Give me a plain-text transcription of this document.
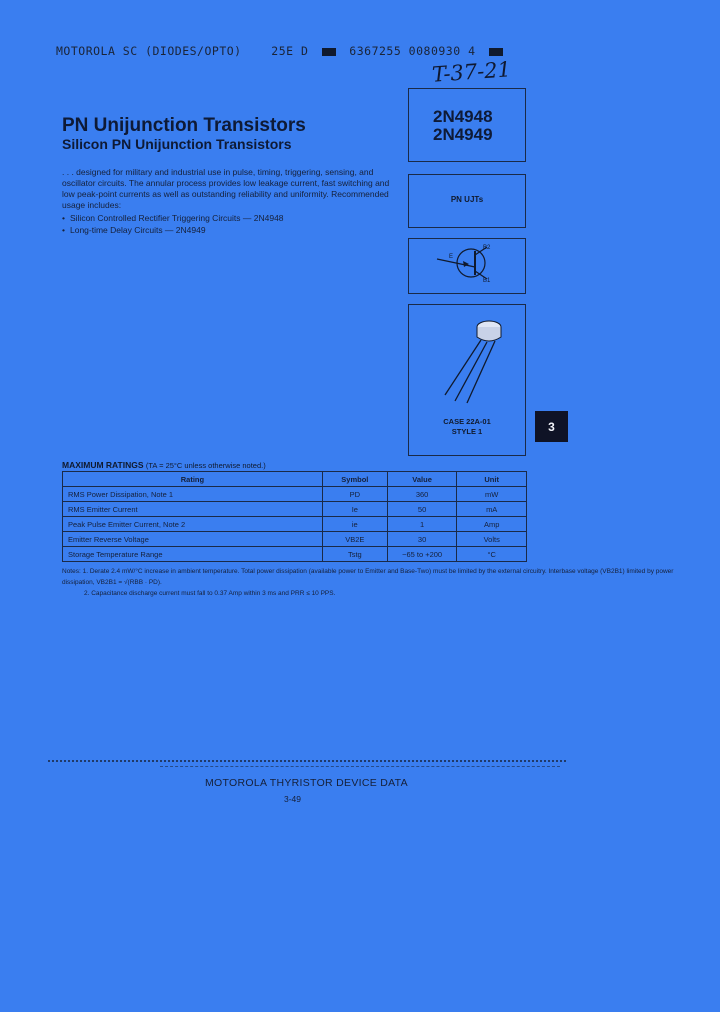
MOTOROLA SC (DIODES/OPTO)	25E D	6367255 0080930 4
T-37-21
PN Unijunction Transistors
Silicon PN Unijunction Transistors
. . . designed for military and industrial use in pulse, timing, triggering, sensing, and oscillator circuits. The annular process provides low leakage current, fast switching and low peak-point currents as well as outstanding reliability and uniformity. Recommended usage includes:
• Silicon Controlled Rectifier Triggering Circuits — 2N4948
• Long-time Delay Circuits — 2N4949
2N4948
2N4949
PN UJTs
E
B2
B1
CASE 22A-01
STYLE 1	3
MAXIMUM RATINGS (TA = 25°C unless otherwise noted.)
Rating	Symbol	Value	Unit
RMS Power Dissipation, Note 1	PD	360	mW
RMS Emitter Current	Ie	50	mA
Peak Pulse Emitter Current, Note 2	ie	1	Amp
Emitter Reverse Voltage	VB2E	30	Volts
Storage Temperature Range	Tstg	−65 to +200	°C
Notes: 1. Derate 2.4 mW/°C increase in ambient temperature. Total power dissipation (available power to Emitter and Base-Two) must be limited by the external circuitry. Interbase voltage (VB2B1) limited by power dissipation, VB2B1 = √(RBB · PD).
2. Capacitance discharge current must fall to 0.37 Amp within 3 ms and PRR ≤ 10 PPS.
MOTOROLA THYRISTOR DEVICE DATA
3-49
